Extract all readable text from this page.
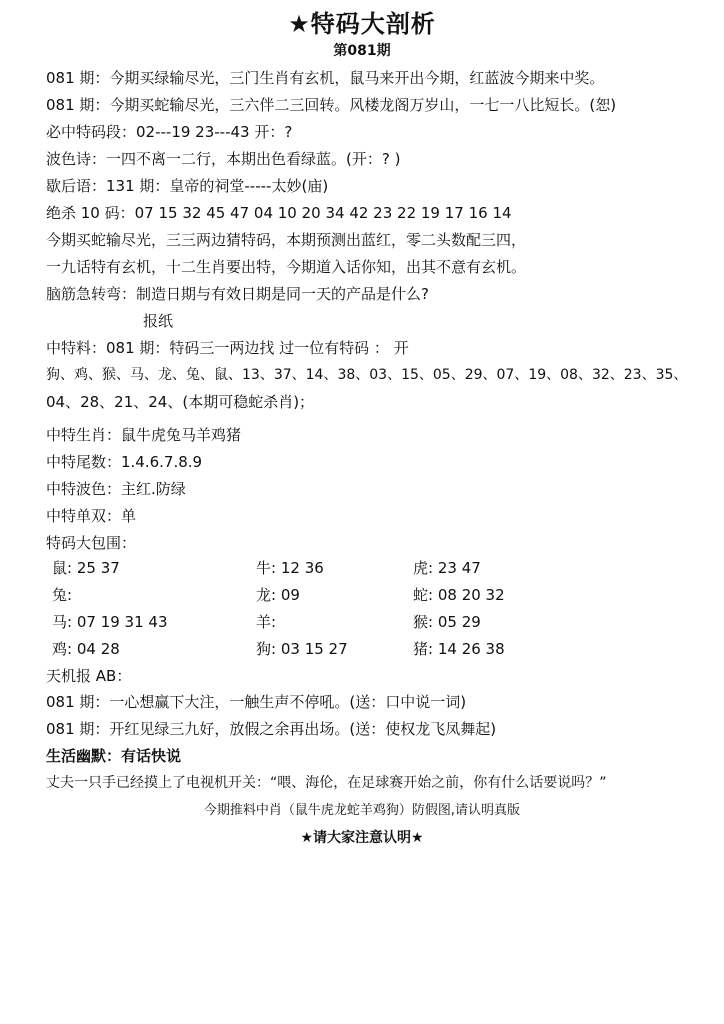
★特码大剖析
第081期
081 期：今期买绿输尽光，三门生肖有玄机，鼠马来开出今期，红蓝波今期来中奖。
081 期：今期买蛇输尽光，三六伴二三回转。风楼龙阁万岁山，一七一八比短长。(恕)
必中特码段：02---19 23---43 开：?
波色诗：一四不离一二行，本期出色看绿蓝。(开：? )
歇后语：131 期：皇帝的祠堂-----太妙(庙)
绝杀 10 码：07 15 32 45 47 04 10 20 34 42 23 22 19 17 16 14
今期买蛇输尽光，三三两边猜特码，本期预测出蓝红，零二头数配三四，
一九话特有玄机，十二生肖要出特，今期道入话你知，出其不意有玄机。
脑筋急转弯：制造日期与有效日期是同一天的产品是什么?
报纸
中特料：081 期：特码三一两边找 过一位有特码 ： 开
狗、鸡、猴、马、龙、兔、鼠、13、37、14、38、03、15、05、29、07、19、08、32、23、35、
04、28、21、24、(本期可稳蛇杀肖)；
中特生肖：鼠牛虎兔马羊鸡猪
中特尾数：1.4.6.7.8.9
中特波色：主红.防绿
中特单双：单
特码大包围：
鼠: 25 37	牛: 12 36	虎: 23 47
兔:	龙: 09	蛇: 08 20 32
马: 07 19 31 43	羊:	猴: 05 29
鸡: 04 28	狗: 03 15 27	猪: 14 26 38
天机报 AB：
081 期：一心想赢下大注，一触生声不停吼。(送：口中说一词)
081 期：开红见绿三九好，放假之余再出场。(送：使权龙飞凤舞起)
生活幽默：有话快说
丈夫一只手已经摸上了电视机开关：“喂、海伦，在足球赛开始之前，你有什么话要说吗？”
今期推料中肖（鼠牛虎龙蛇羊鸡狗）防假图,请认明真版
★请大家注意认明★
